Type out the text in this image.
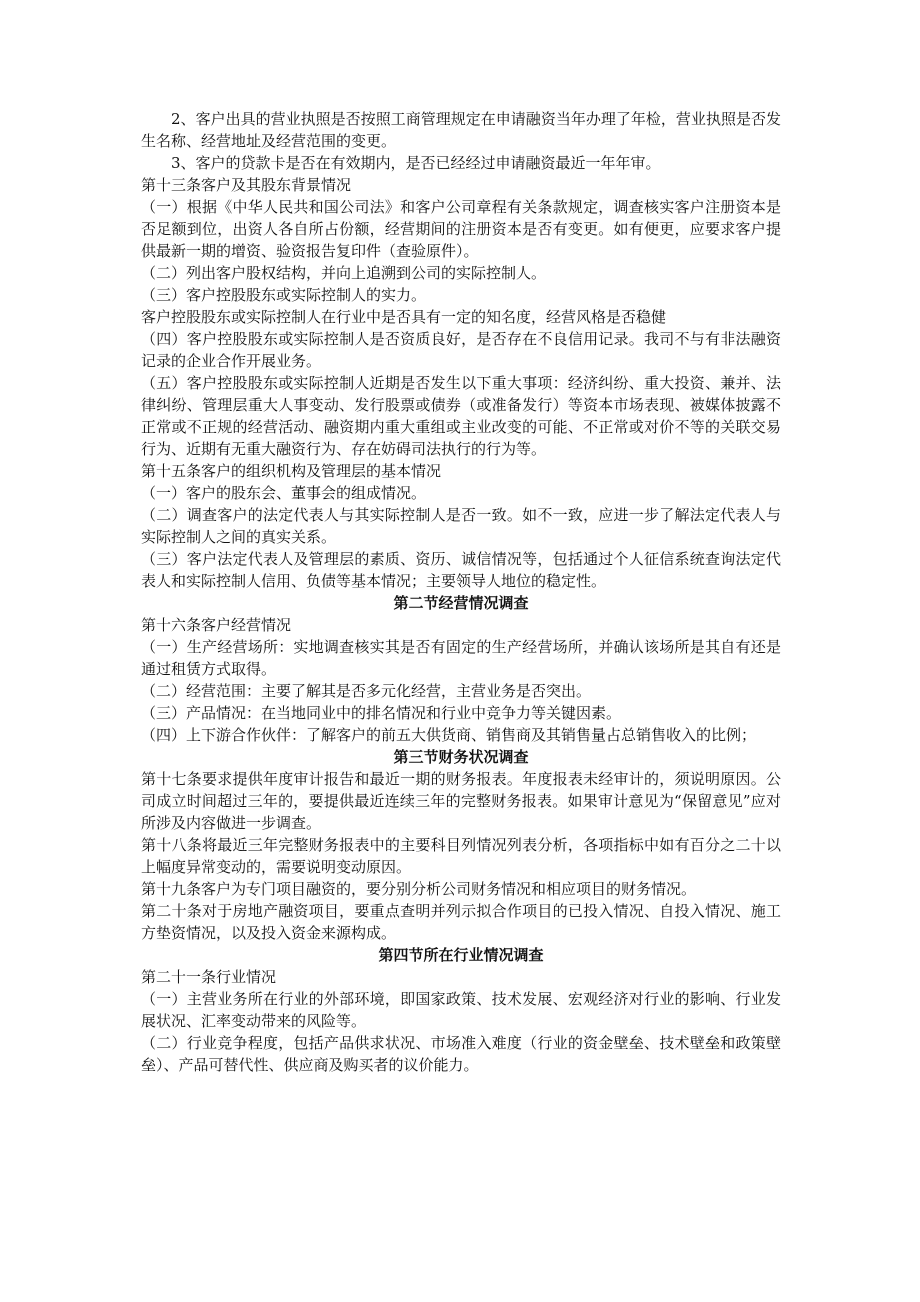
2、客户出具的营业执照是否按照工商管理规定在申请融资当年办理了年检，营业执照是否发生名称、经营地址及经营范围的变更。

3、客户的贷款卡是否在有效期内，是否已经经过申请融资最近一年年审。

第十三条客户及其股东背景情况

（一）根据《中华人民共和国公司法》和客户公司章程有关条款规定，调查核实客户注册资本是否足额到位，出资人各自所占份额，经营期间的注册资本是否有变更。如有便更，应要求客户提供最新一期的增资、验资报告复印件（查验原件）。

（二）列出客户股权结构，并向上追溯到公司的实际控制人。

（三）客户控股股东或实际控制人的实力。

客户控股股东或实际控制人在行业中是否具有一定的知名度，经营风格是否稳健

（四）客户控股股东或实际控制人是否资质良好，是否存在不良信用记录。我司不与有非法融资记录的企业合作开展业务。

（五）客户控股股东或实际控制人近期是否发生以下重大事项：经济纠纷、重大投资、兼并、法律纠纷、管理层重大人事变动、发行股票或债券（或准备发行）等资本市场表现、被媒体披露不正常或不正规的经营活动、融资期内重大重组或主业改变的可能、不正常或对价不等的关联交易行为、近期有无重大融资行为、存在妨碍司法执行的行为等。

第十五条客户的组织机构及管理层的基本情况

（一）客户的股东会、董事会的组成情况。

（二）调查客户的法定代表人与其实际控制人是否一致。如不一致，应进一步了解法定代表人与实际控制人之间的真实关系。

（三）客户法定代表人及管理层的素质、资历、诚信情况等，包括通过个人征信系统查询法定代表人和实际控制人信用、负债等基本情况；主要领导人地位的稳定性。

第二节经营情况调查

第十六条客户经营情况

（一）生产经营场所：实地调查核实其是否有固定的生产经营场所，并确认该场所是其自有还是通过租赁方式取得。

（二）经营范围：主要了解其是否多元化经营，主营业务是否突出。

（三）产品情况：在当地同业中的排名情况和行业中竞争力等关键因素。

（四）上下游合作伙伴：了解客户的前五大供货商、销售商及其销售量占总销售收入的比例；

第三节财务状况调查

第十七条要求提供年度审计报告和最近一期的财务报表。年度报表未经审计的，须说明原因。公司成立时间超过三年的，要提供最近连续三年的完整财务报表。如果审计意见为“保留意见”应对所涉及内容做进一步调查。

第十八条将最近三年完整财务报表中的主要科目列情况列表分析，各项指标中如有百分之二十以上幅度异常变动的，需要说明变动原因。

第十九条客户为专门项目融资的，要分别分析公司财务情况和相应项目的财务情况。

第二十条对于房地产融资项目，要重点查明并列示拟合作项目的已投入情况、自投入情况、施工方垫资情况，以及投入资金来源构成。

第四节所在行业情况调查

第二十一条行业情况

（一）主营业务所在行业的外部环境，即国家政策、技术发展、宏观经济对行业的影响、行业发展状况、汇率变动带来的风险等。

（二）行业竞争程度，包括产品供求状况、市场准入难度（行业的资金壁垒、技术壁垒和政策壁垒）、产品可替代性、供应商及购买者的议价能力。
